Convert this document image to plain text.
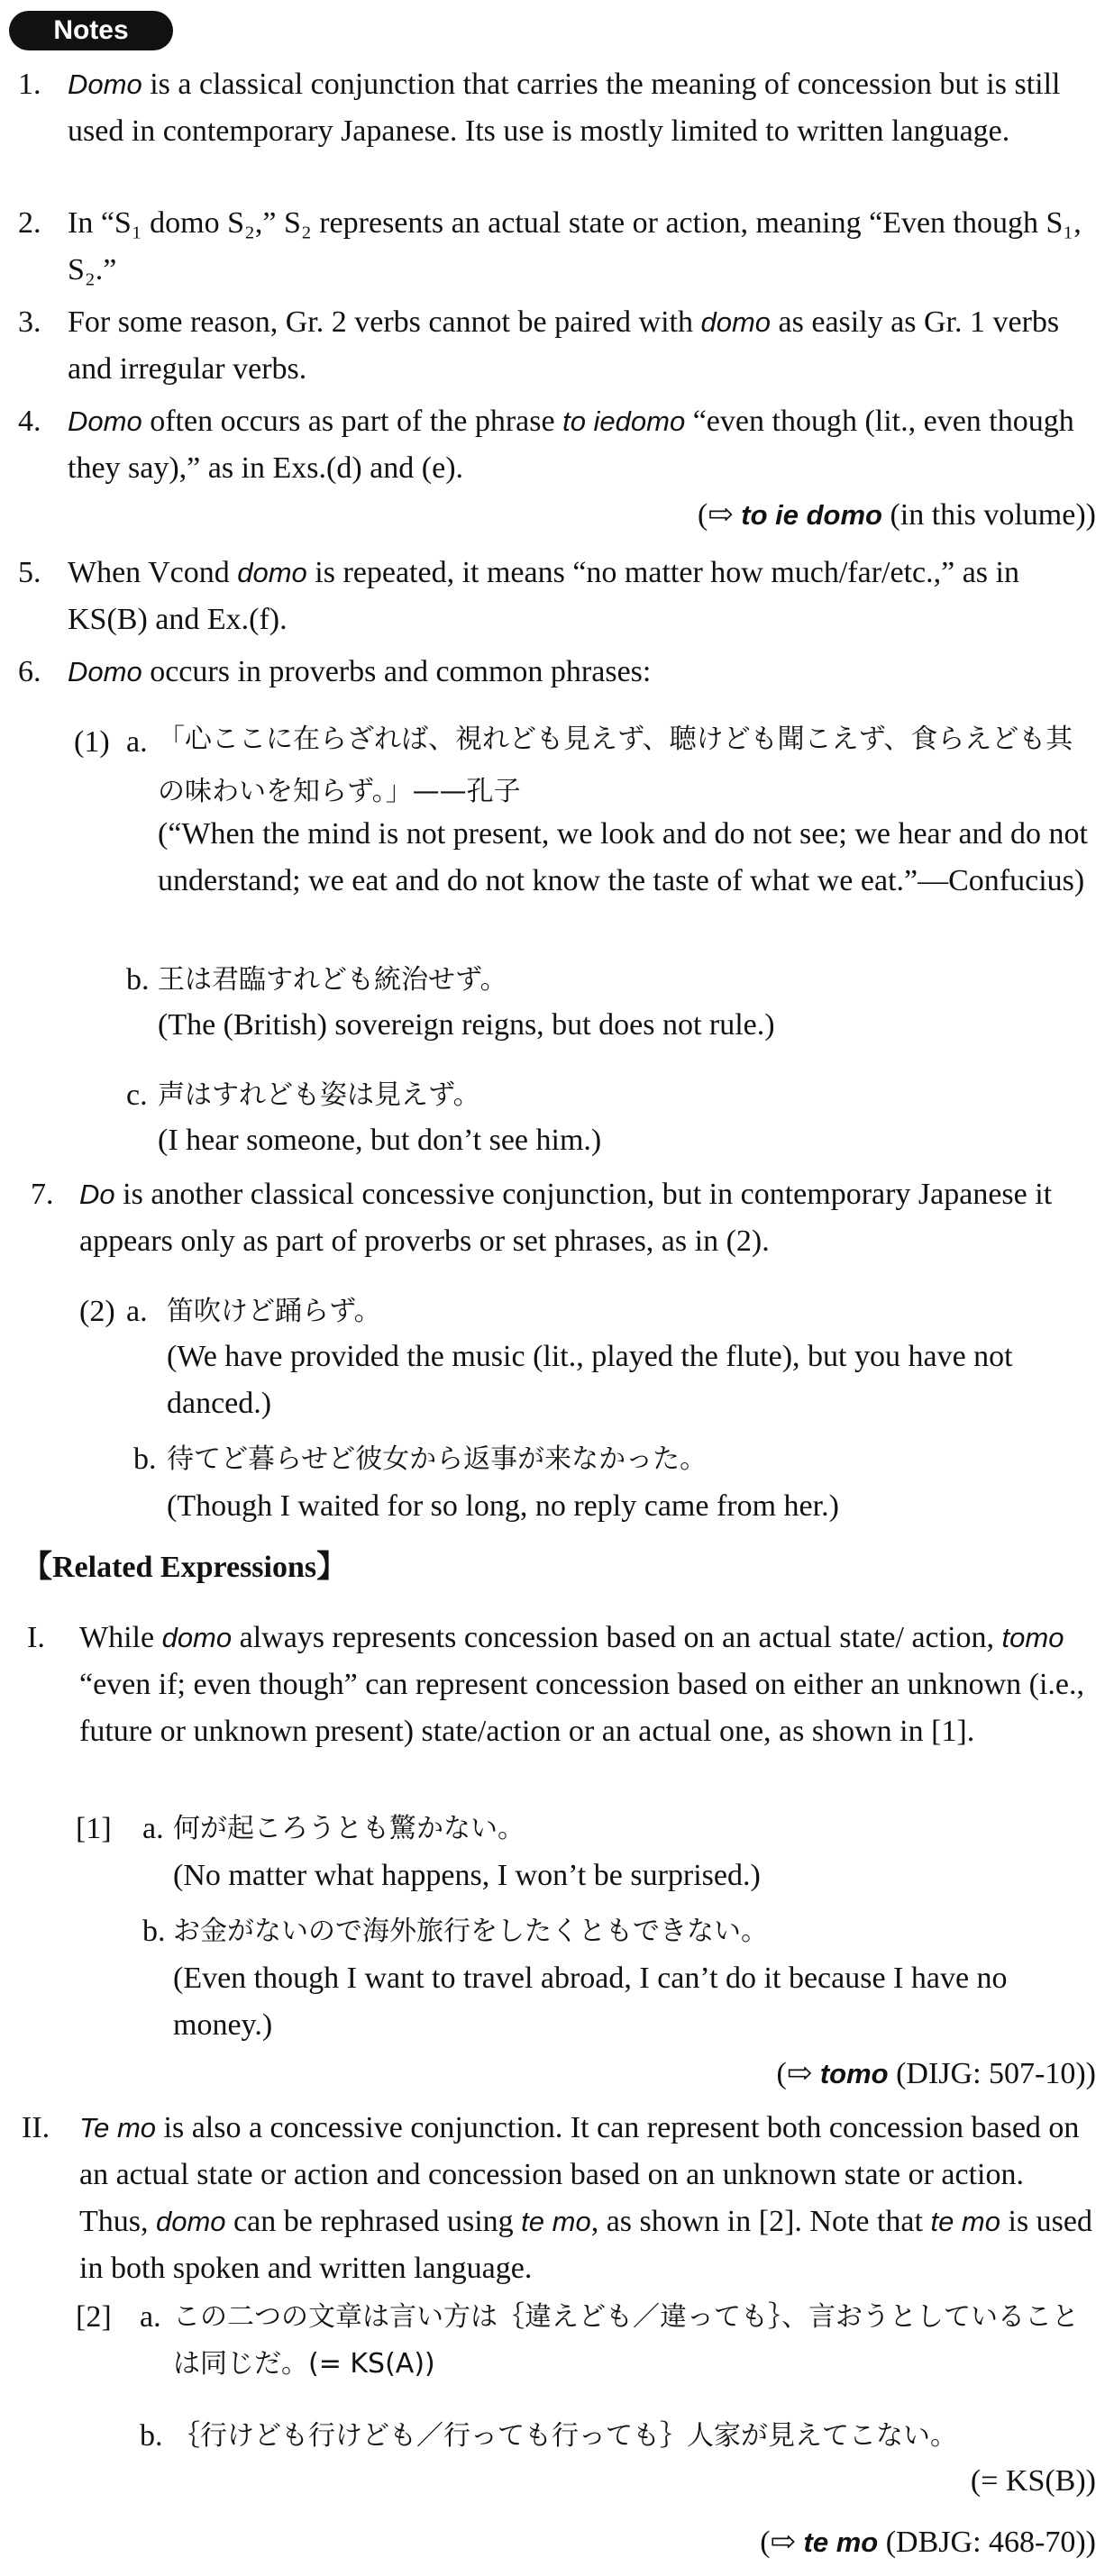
Notes
1. Domo is a classical conjunction that carries the meaning of concession but is still used in contemporary Japanese. Its use is mostly limited to written language.
2. In “S₁ domo S₂,” S₂ represents an actual state or action, meaning “Even though S₁, S₂.”
3. For some reason, Gr. 2 verbs cannot be paired with domo as easily as Gr. 1 verbs and irregular verbs.
4. Domo often occurs as part of the phrase to iedomo “even though (lit., even though they say),” as in Exs.(d) and (e).
(⇨ to ie domo (in this volume))
5. When Vcond domo is repeated, it means “no matter how much/far/etc.,” as in KS(B) and Ex.(f).
6. Domo occurs in proverbs and common phrases:
(1) a. 「心ここに在らざれば、視れども見えず、聴けども聞こえず、食らえども其の味わいを知らず。」——孔子
(“When the mind is not present, we look and do not see; we hear and do not understand; we eat and do not know the taste of what we eat.”—Confucius)
b. 王は君臨すれども統治せず。
(The (British) sovereign reigns, but does not rule.)
c. 声はすれども姿は見えず。
(I hear someone, but don’t see him.)
7. Do is another classical concessive conjunction, but in contemporary Japanese it appears only as part of proverbs or set phrases, as in (2).
(2) a. 笛吹けど踊らず。
(We have provided the music (lit., played the flute), but you have not danced.)
b. 待てど暮らせど彼女から返事が来なかった。
(Though I waited for so long, no reply came from her.)
【Related Expressions】
I. While domo always represents concession based on an actual state/ action, tomo “even if; even though” can represent concession based on either an unknown (i.e., future or unknown present) state/action or an actual one, as shown in [1].
[1] a. 何が起ころうとも驚かない。
(No matter what happens, I won’t be surprised.)
b. お金がないので海外旅行をしたくともできない。
(Even though I want to travel abroad, I can’t do it because I have no money.)
(⇨ tomo (DIJG: 507-10))
II. Te mo is also a concessive conjunction. It can represent both concession based on an actual state or action and concession based on an unknown state or action. Thus, domo can be rephrased using te mo, as shown in [2]. Note that te mo is used in both spoken and written language.
[2] a. この二つの文章は言い方は｛違えども／違っても｝、言おうとしていることは同じだ。(= KS(A))
b. ｛行けども行けども／行っても行っても｝人家が見えてこない。
(= KS(B))
(⇨ te mo (DBJG: 468-70))
